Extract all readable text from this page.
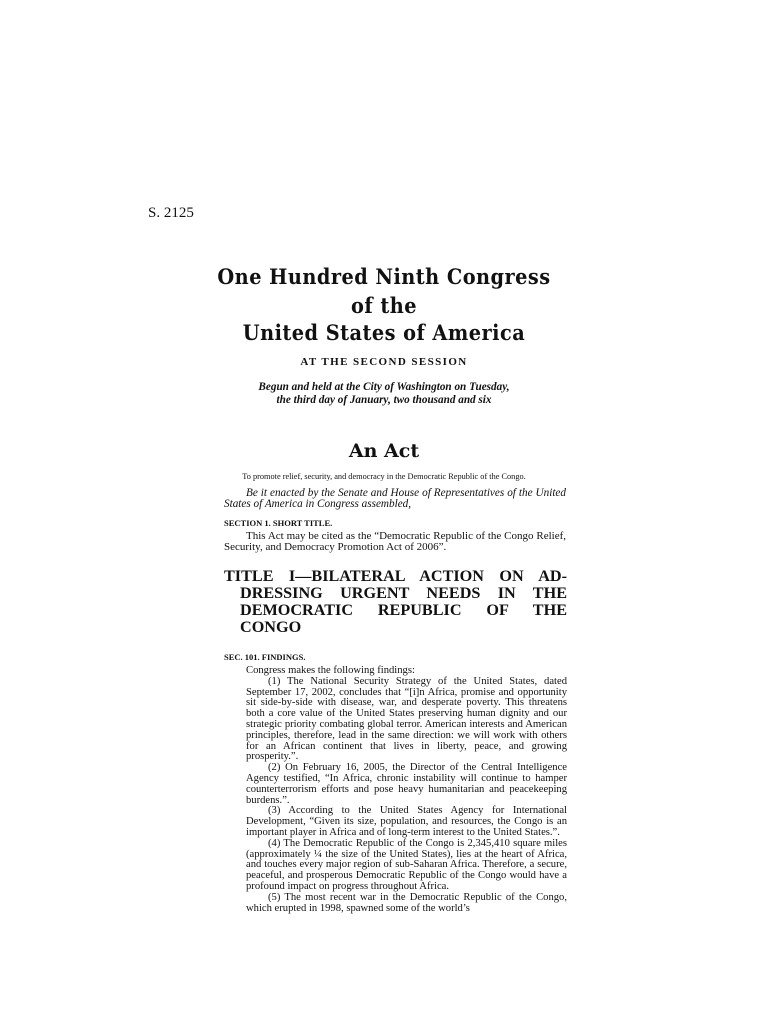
S. 2125
One Hundred Ninth Congress
of the
United States of America
AT THE SECOND SESSION
Begun and held at the City of Washington on Tuesday,
the third day of January, two thousand and six
An Act
To promote relief, security, and democracy in the Democratic Republic of the Congo.
Be it enacted by the Senate and House of Representatives of the United States of America in Congress assembled,
SECTION 1. SHORT TITLE.
This Act may be cited as the “Democratic Republic of the Congo Relief, Security, and Democracy Promotion Act of 2006”.
TITLE I—BILATERAL ACTION ON AD-
DRESSING URGENT NEEDS IN THE
DEMOCRATIC REPUBLIC OF THE
CONGO
SEC. 101. FINDINGS.

Congress makes the following findings:

(1) The National Security Strategy of the United States, dated September 17, 2002, concludes that “[i]n Africa, promise and opportunity sit side-by-side with disease, war, and desperate poverty. This threatens both a core value of the United States preserving human dignity and our strategic priority combating global terror. American interests and American principles, therefore, lead in the same direction: we will work with others for an African continent that lives in liberty, peace, and growing prosperity.”.

(2) On February 16, 2005, the Director of the Central Intelligence Agency testified, “In Africa, chronic instability will continue to hamper counterterrorism efforts and pose heavy humanitarian and peacekeeping burdens.”.

(3) According to the United States Agency for International Development, “Given its size, population, and resources, the Congo is an important player in Africa and of long-term interest to the United States.”.

(4) The Democratic Republic of the Congo is 2,345,410 square miles (approximately ¼ the size of the United States), lies at the heart of Africa, and touches every major region of sub-Saharan Africa. Therefore, a secure, peaceful, and prosperous Democratic Republic of the Congo would have a profound impact on progress throughout Africa.

(5) The most recent war in the Democratic Republic of the Congo, which erupted in 1998, spawned some of the world’s
